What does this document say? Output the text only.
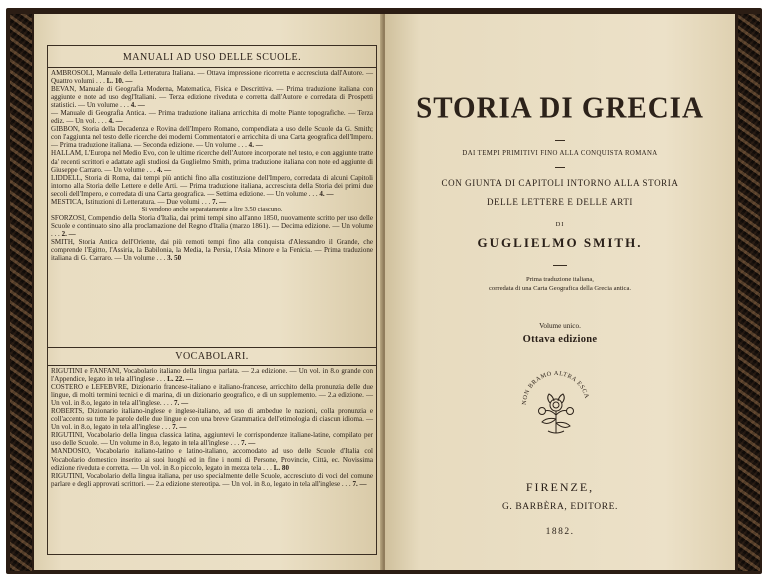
MANUALI AD USO DELLE SCUOLE.

AMBROSOLI, Manuale della Letteratura Italiana. — Ottava impressione ricorretta e accresciuta dall'Autore. — Quattro volumi . . . L. 10. —

BEVAN, Manuale di Geografia Moderna, Matematica, Fisica e Descrittiva. — Prima traduzione italiana con aggiunte e note ad uso degl'Italiani. — Terza edizione riveduta e corretta dall'Autore e corredata di Prospetti statistici. — Un volume . . . 4. —

— Manuale di Geografia Antica. — Prima traduzione italiana arricchita di molte Piante topografiche. — Terza ediz. — Un vol. . . . 4. —

GIBBON, Storia della Decadenza e Rovina dell'Impero Romano, compendiata a uso delle Scuole da G. Smith; con l'aggiunta nel testo delle ricerche dei moderni Commentatori e arricchita di una Carta geografica dell'Impero. — Prima traduzione italiana. — Seconda edizione. — Un volume . . . 4. —

HALLAM, L'Europa nel Medio Evo, con le ultime ricerche dell'Autore incorporate nel testo, e con aggiunte tratte da' recenti scrittori e adattate agli studiosi da Guglielmo Smith, prima traduzione italiana con note ed aggiunte di Giuseppe Carraro. — Un volume . . . 4. —

LIDDELL, Storia di Roma, dai tempi più antichi fino alla costituzione dell'Impero, corredata di alcuni Capitoli intorno alla Storia delle Lettere e delle Arti. — Prima traduzione italiana, accresciuta della Storia dei primi due secoli dell'Impero, e corredata di una Carta geografica. — Settima edizione. — Un volume . . . 4. —

MESTICA, Istituzioni di Letteratura. — Due volumi . . . 7. —

Si vendono anche separatamente a lire 3.50 ciascuno.

SFORZOSI, Compendio della Storia d'Italia, dai primi tempi sino all'anno 1850, nuovamente scritto per uso delle Scuole e continuato sino alla proclamazione del Regno d'Italia (marzo 1861). — Decima edizione. — Un volume . . . 2. —

SMITH, Storia Antica dell'Oriente, dai più remoti tempi fino alla conquista d'Alessandro il Grande, che comprende l'Egitto, l'Assiria, la Babilonia, la Media, la Persia, l'Asia Minore e la Fenicia. — Prima traduzione italiana di G. Carraro. — Un volume . . . 3. 50

VOCABOLARI.

RIGUTINI e FANFANI, Vocabolario italiano della lingua parlata. — 2.a edizione. — Un vol. in 8.o grande con l'Appendice, legato in tela all'inglese . . . L. 22. —

COSTERO e LEFEBVRE, Dizionario francese-italiano e italiano-francese, arricchito della pronunzia delle due lingue, di molti termini tecnici e di marina, di un dizionario geografico, e di un supplemento. — 2.a edizione. — Un vol. in 8.o, legato in tela all'inglese. . . . 7. —

ROBERTS, Dizionario italiano-inglese e inglese-italiano, ad uso di ambedue le nazioni, colla pronunzia e coll'accento su tutte le parole delle due lingue e con una breve Grammatica dell'etimologia di ciascun idioma. — Un vol. in 8.o, legato in tela all'inglese . . . 7. —

RIGUTINI, Vocabolario della lingua classica latina, aggiuntevi le corrispondenze italiane-latine, compilato per uso delle Scuole. — Un volume in 8.o, legato in tela all'inglese . . . 7. —

MANDOSIO, Vocabolario italiano-latino e latino-italiano, accomodato ad uso delle Scuole d'Italia col Vocabolario domestico inserito ai suoi luoghi ed in fine i nomi di Persone, Provincie, Città, ec. Novissima edizione riveduta e corretta. — Un vol. in 8.o piccolo, legato in mezza tela . . . L. 80

RIGUTINI, Vocabolario della lingua italiana, per uso specialmente delle Scuole, accresciuto di voci del comune parlare e degli approvati scrittori. — 2.a edizione stereotipa. — Un vol. in 8.o, legato in tela all'inglese . . . 7. —

STORIA DI GRECIA
DAI TEMPI PRIMITIVI FINO ALLA CONQUISTA ROMANA
CON GIUNTA DI CAPITOLI INTORNO ALLA STORIA
DELLE LETTERE E DELLE ARTI
DI
GUGLIELMO SMITH.
Prima traduzione italiana,
corredata di una Carta Geografica della Grecia antica.
Volume unico.
Ottava edizione
NON BRAMO ALTRA ESCA
FIRENZE,
G. BARBÈRA, EDITORE.
1882.
